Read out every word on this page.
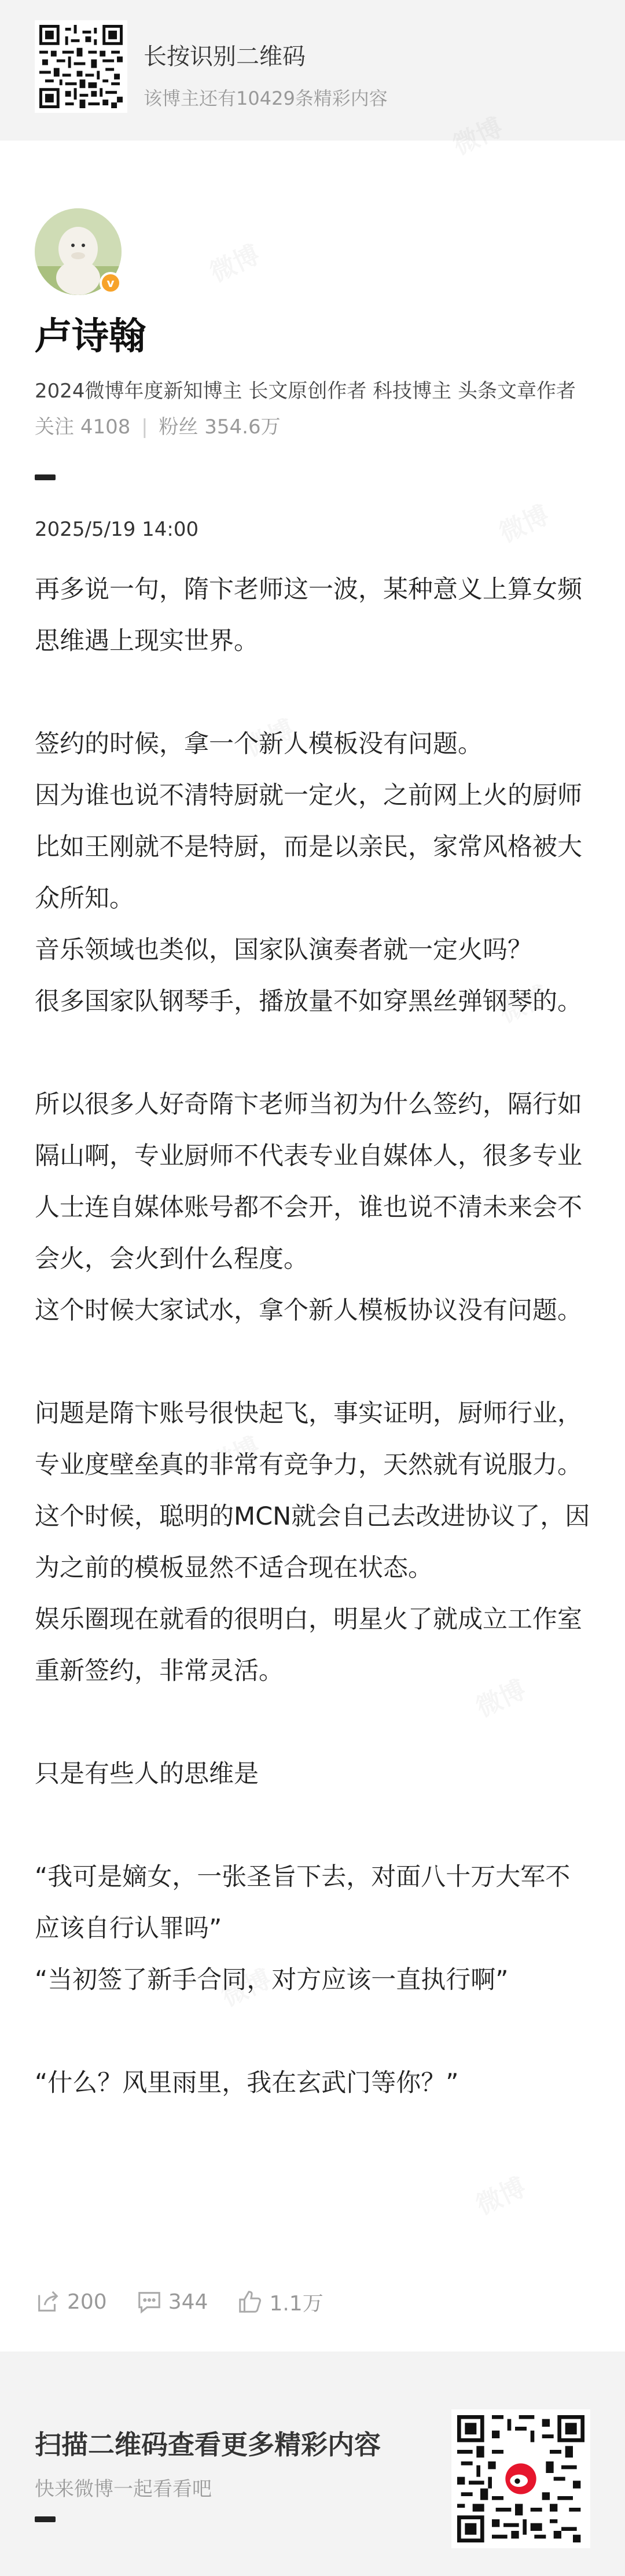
长按识别二维码
该博主还有10429条精彩内容
v
卢诗翰
2024微博年度新知博主 长文原创作者 科技博主 头条文章作者
关注 4108 | 粉丝 354.6万
2025/5/19 14:00
再多说一句，隋卞老师这一波，某种意义上算女频思维遇上现实世界。
签约的时候，拿一个新人模板没有问题。
因为谁也说不清特厨就一定火，之前网上火的厨师比如王刚就不是特厨，而是以亲民，家常风格被大众所知。
音乐领域也类似，国家队演奏者就一定火吗？
很多国家队钢琴手，播放量不如穿黑丝弹钢琴的。
所以很多人好奇隋卞老师当初为什么签约，隔行如隔山啊，专业厨师不代表专业自媒体人，很多专业人士连自媒体账号都不会开，谁也说不清未来会不会火，会火到什么程度。
这个时候大家试水，拿个新人模板协议没有问题。
问题是隋卞账号很快起飞，事实证明，厨师行业，专业度壁垒真的非常有竞争力，天然就有说服力。
这个时候，聪明的MCN就会自己去改进协议了，因为之前的模板显然不适合现在状态。
娱乐圈现在就看的很明白，明星火了就成立工作室重新签约，非常灵活。
只是有些人的思维是
“我可是嫡女，一张圣旨下去，对面八十万大军不应该自行认罪吗”
“当初签了新手合同，对方应该一直执行啊”
“什么？风里雨里，我在玄武门等你？”
200	344	1.1万
扫描二维码查看更多精彩内容
快来微博一起看看吧
